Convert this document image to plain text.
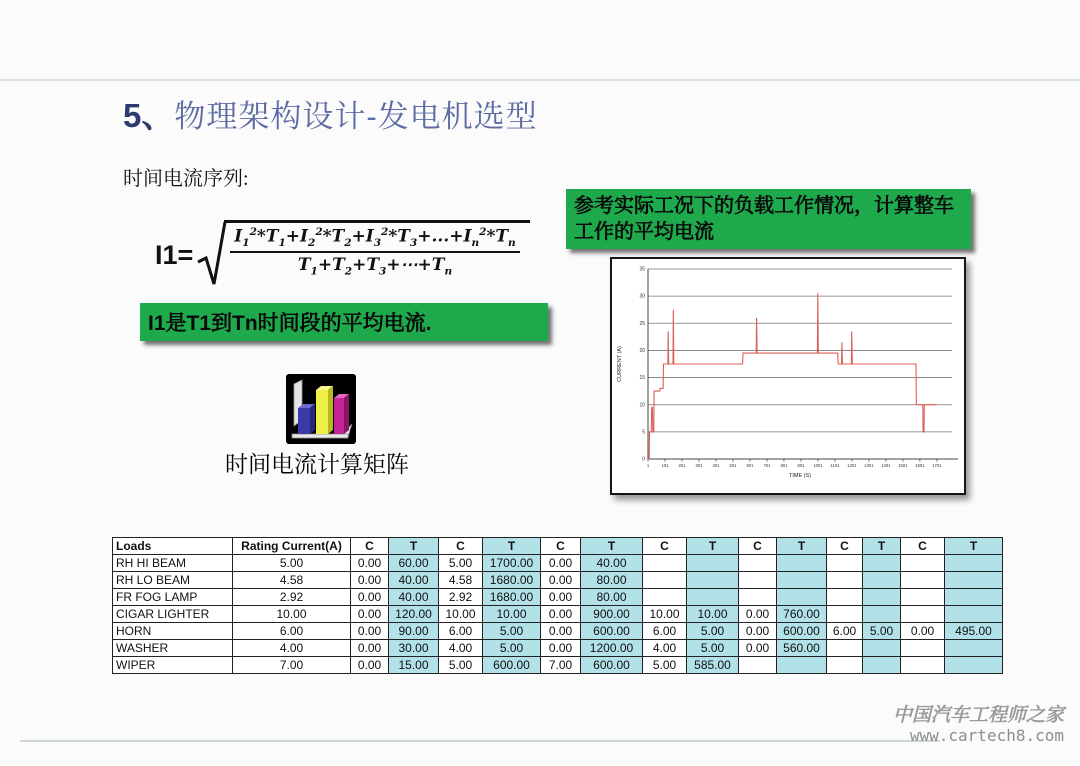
5、物理架构设计-发电机选型
时间电流序列:
I1=
$I_1^2*T_1+I_2^2*T_2+I_3^2*T_3+...+I_n^2*T_n$
$T_1+T_2+T_3+\cdots+T_n$
I1是T1到Tn时间段的平均电流.
参考实际工况下的负载工作情况，计算整车工作的平均电流
0
5
10
15
20
25
30
35
1	101 201 301 401 501 601 701 801 901 1001 1101 1201 1301 1401 1501 1601 1701
CURRENT (A)
TIME (S)
时间电流计算矩阵
Loads	Rating Current(A)	C	T	C	T	C	T	C	T	C	T	C	T	C	T
RH HI BEAM	5.00	0.00	60.00	5.00	1700.00	0.00	40.00								
RH LO BEAM	4.58	0.00	40.00	4.58	1680.00	0.00	80.00								
FR FOG LAMP	2.92	0.00	40.00	2.92	1680.00	0.00	80.00								
CIGAR LIGHTER	10.00	0.00	120.00	10.00	10.00	0.00	900.00	10.00	10.00	0.00	760.00				
HORN	6.00	0.00	90.00	6.00	5.00	0.00	600.00	6.00	5.00	0.00	600.00	6.00	5.00	0.00	495.00
WASHER	4.00	0.00	30.00	4.00	5.00	0.00	1200.00	4.00	5.00	0.00	560.00				
WIPER	7.00	0.00	15.00	5.00	600.00	7.00	600.00	5.00	585.00						
中国汽车工程师之家
www.cartech8.com
